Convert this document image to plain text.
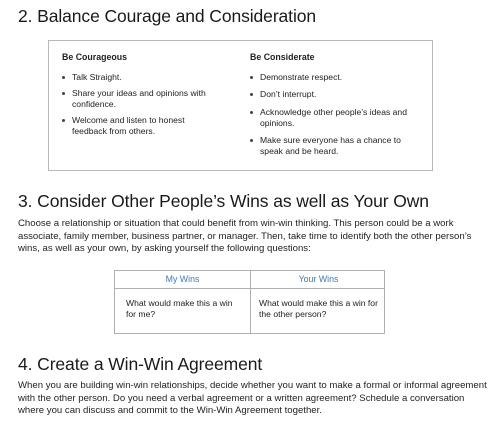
2. Balance Courage and Consideration
Be Courageous
Talk Straight.
Share your ideas and opinions with confidence.
Welcome and listen to honest feedback from others.
Be Considerate
Demonstrate respect.
Don’t interrupt.
Acknowledge other people’s ideas and opinions.
Make sure everyone has a chance to speak and be heard.
3. Consider Other People’s Wins as well as Your Own

Choose a relationship or situation that could benefit from win-win thinking. This person could be a work associate, family member, business partner, or manager. Then, take time to identify both the other person’s wins, as well as your own, by asking yourself the following questions:

My Wins	Your Wins
What would make this a win for me?
What would make this a win for the other person?
4. Create a Win-Win Agreement

When you are building win-win relationships, decide whether you want to make a formal or informal agreement with the other person. Do you need a verbal agreement or a written agreement? Schedule a conversation where you can discuss and commit to the Win-Win Agreement together.
